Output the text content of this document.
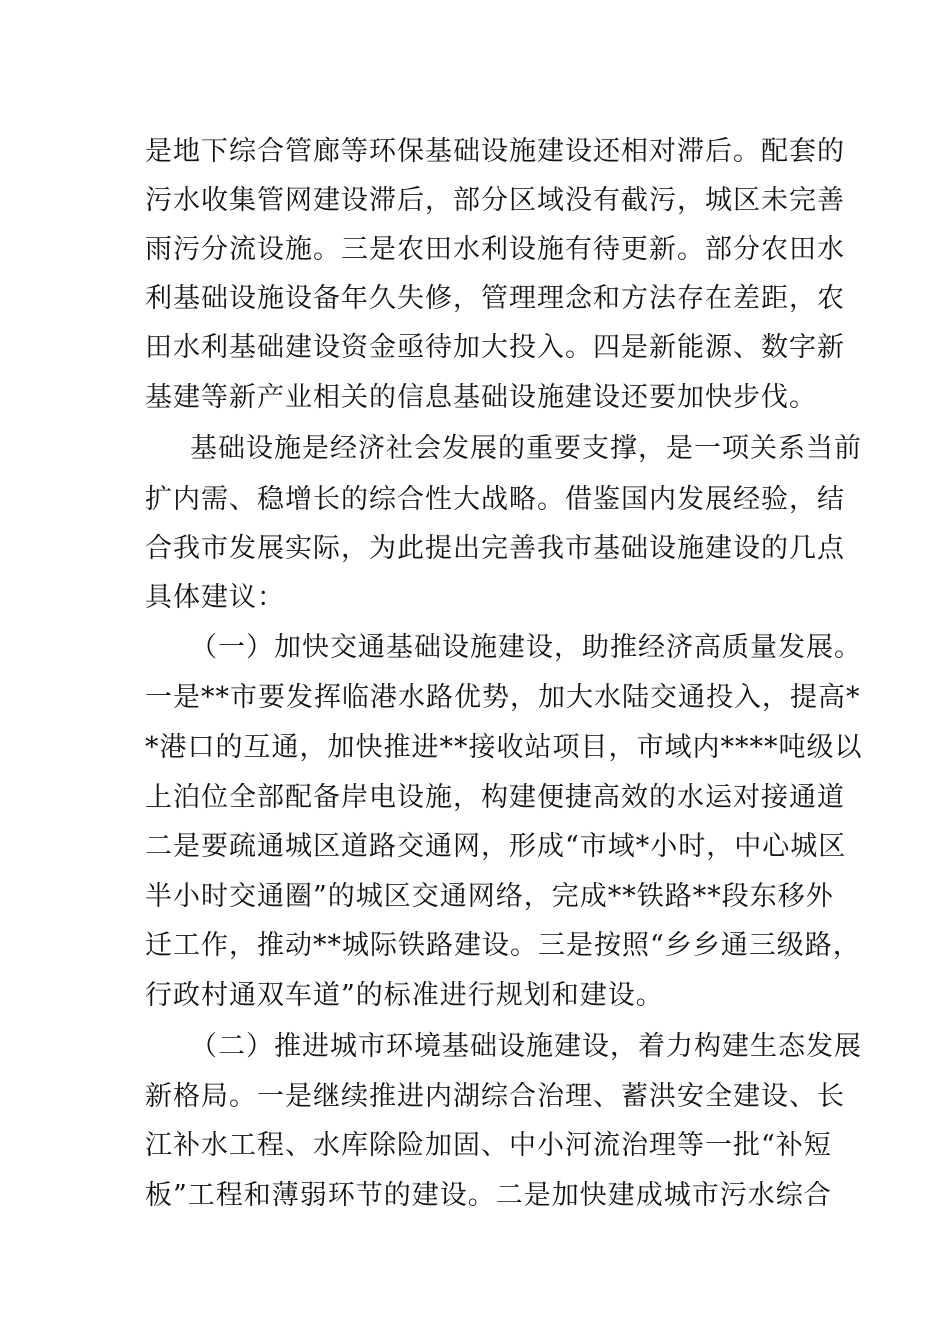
是地下综合管廊等环保基础设施建设还相对滞后。配套的
污水收集管网建设滞后，部分区域没有截污，城区未完善
雨污分流设施。三是农田水利设施有待更新。部分农田水
利基础设施设备年久失修，管理理念和方法存在差距，农
田水利基础建设资金亟待加大投入。四是新能源、数字新
基建等新产业相关的信息基础设施建设还要加快步伐。
基础设施是经济社会发展的重要支撑，是一项关系当前
扩内需、稳增长的综合性大战略。借鉴国内发展经验，结
合我市发展实际，为此提出完善我市基础设施建设的几点
具体建议：
（一）加快交通基础设施建设，助推经济高质量发展。
一是**市要发挥临港水路优势，加大水陆交通投入，提高*
*港口的互通，加快推进**接收站项目，市域内****吨级以
上泊位全部配备岸电设施，构建便捷高效的水运对接通道
二是要疏通城区道路交通网，形成“市域*小时，中心城区
半小时交通圈”的城区交通网络，完成**铁路**段东移外
迁工作，推动**城际铁路建设。三是按照“乡乡通三级路，
行政村通双车道”的标准进行规划和建设。
（二）推进城市环境基础设施建设，着力构建生态发展
新格局。一是继续推进内湖综合治理、蓄洪安全建设、长
江补水工程、水库除险加固、中小河流治理等一批“补短
板”工程和薄弱环节的建设。二是加快建成城市污水综合
